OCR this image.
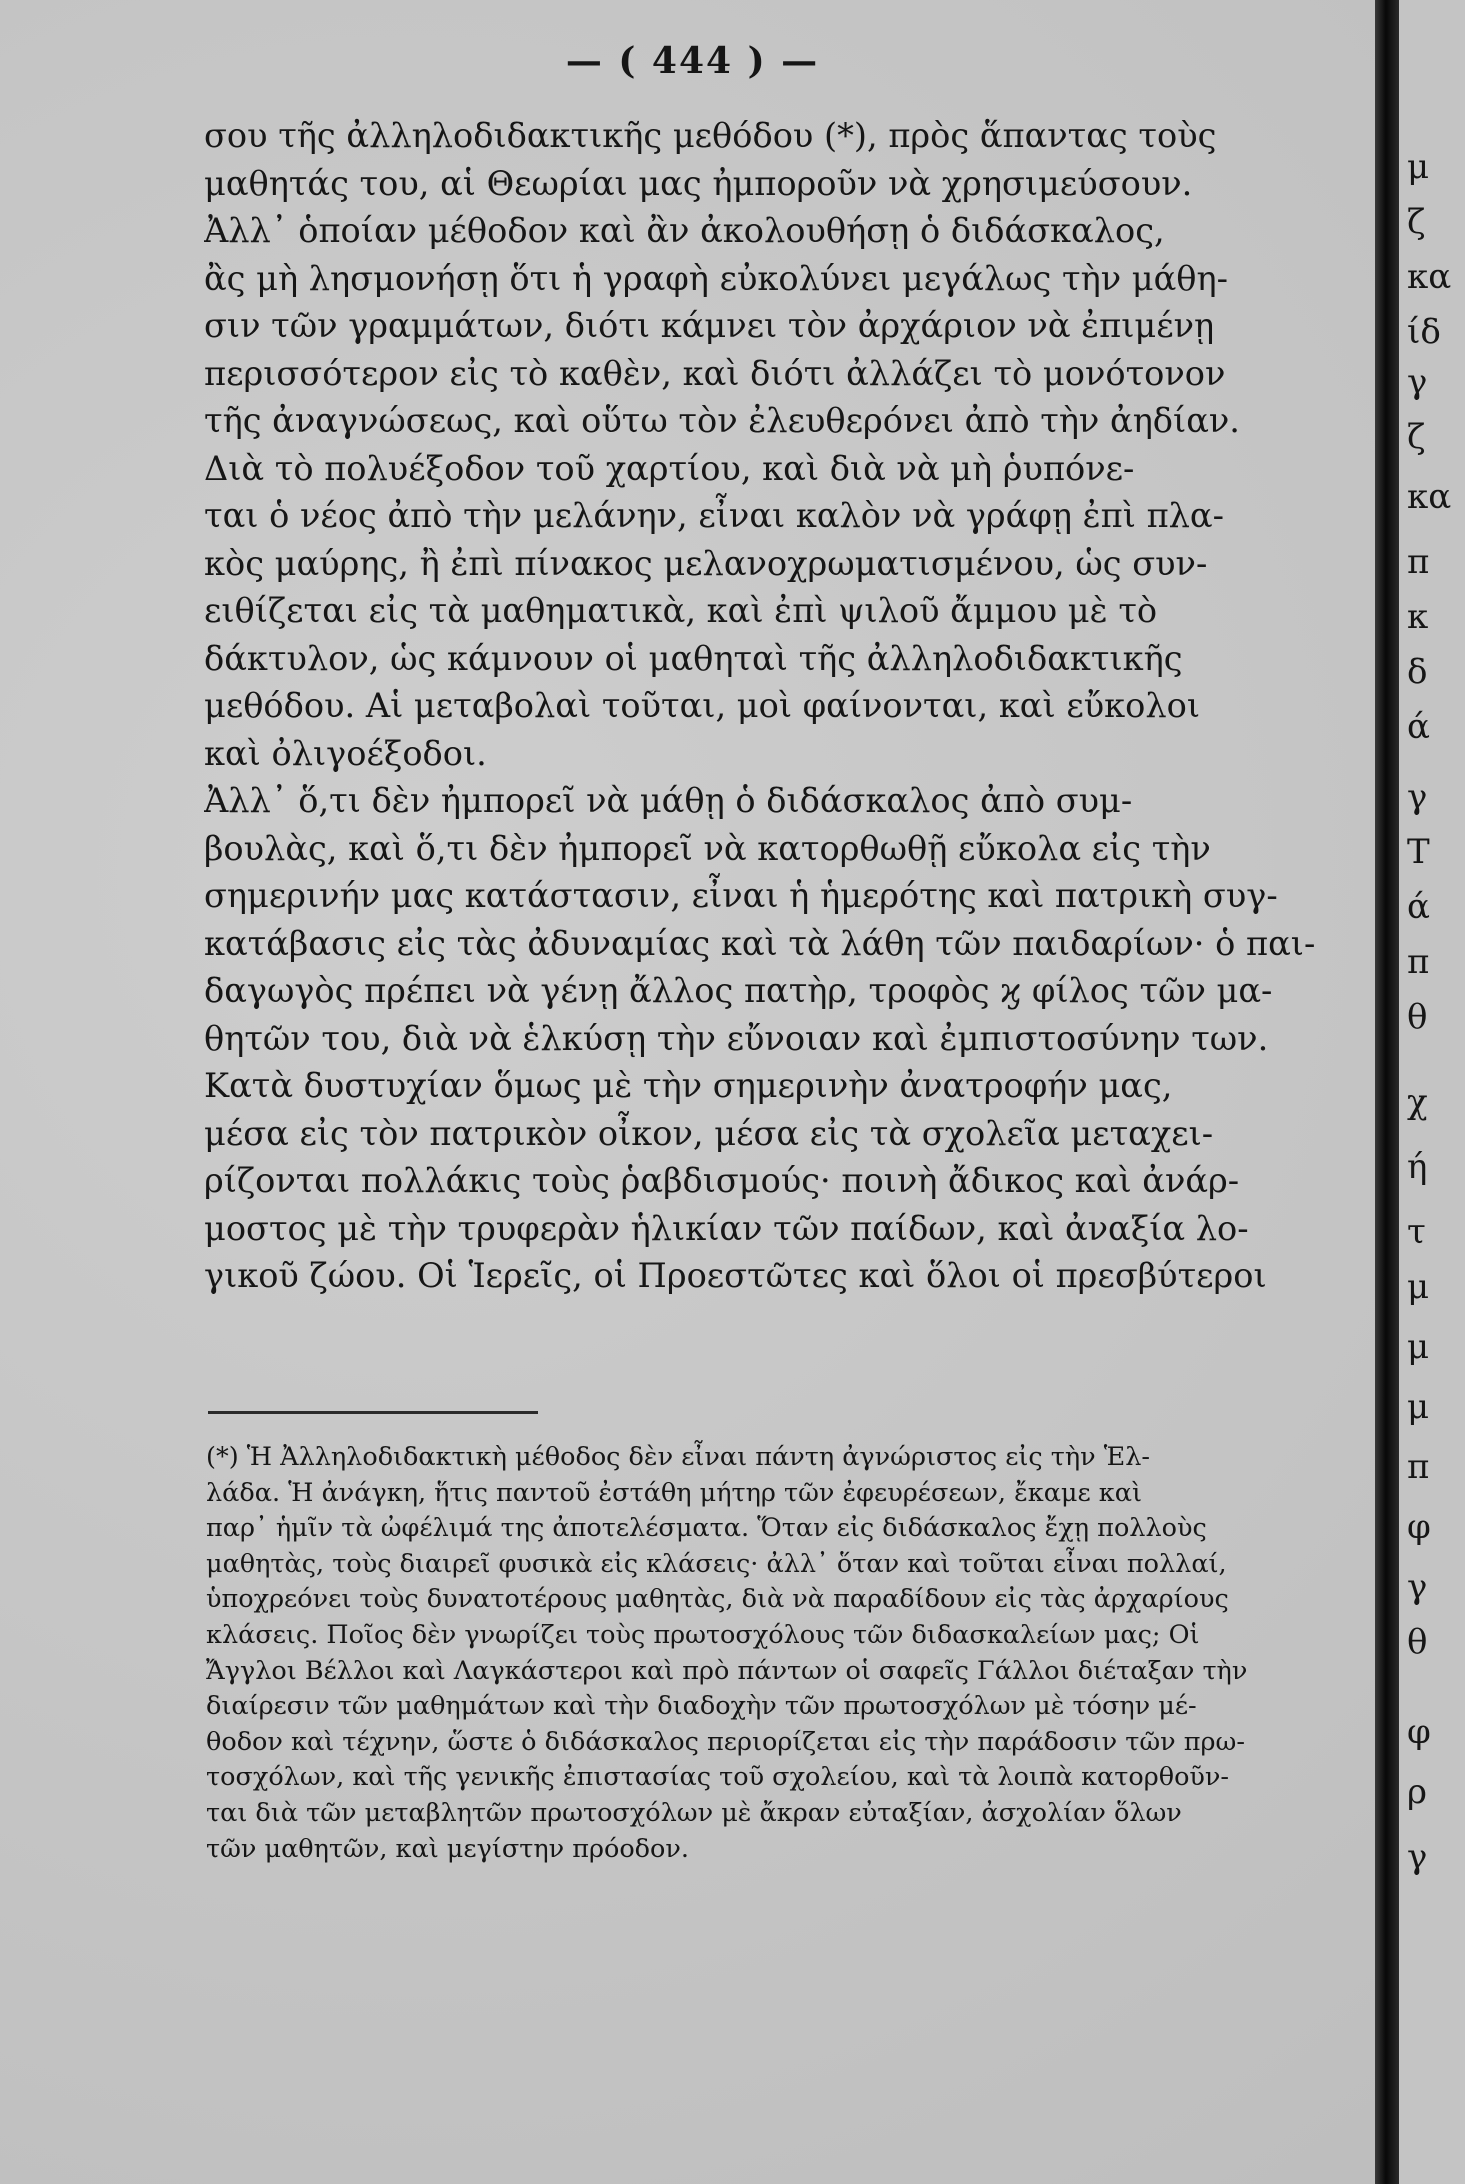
— ( 444 ) —
σου τῆς ἀλληλοδιδακτικῆς μεθόδου (*), πρὸς ἅπαντας τοὺς
μαθητάς του, αἱ Θεωρίαι μας ἠμποροῦν νὰ χρησιμεύσουν.
Ἀλλ᾽ ὁποίαν μέθοδον καὶ ἂν ἀκολουθήσῃ ὁ διδάσκαλος,
ἂς μὴ λησμονήσῃ ὅτι ἡ γραφὴ εὐκολύνει μεγάλως τὴν μάθη-
σιν τῶν γραμμάτων, διότι κάμνει τὸν ἀρχάριον νὰ ἐπιμένῃ
περισσότερον εἰς τὸ καθὲν, καὶ διότι ἀλλάζει τὸ μονότονον
τῆς ἀναγνώσεως, καὶ οὕτω τὸν ἐλευθερόνει ἀπὸ τὴν ἀηδίαν.
Διὰ τὸ πολυέξοδον τοῦ χαρτίου, καὶ διὰ νὰ μὴ ῥυπόνε-
ται ὁ νέος ἀπὸ τὴν μελάνην, εἶναι καλὸν νὰ γράφῃ ἐπὶ πλα-
κὸς μαύρης, ἢ ἐπὶ πίνακος μελανοχρωματισμένου, ὡς συν-
ειθίζεται εἰς τὰ μαθηματικὰ, καὶ ἐπὶ ψιλοῦ ἄμμου μὲ τὸ
δάκτυλον, ὡς κάμνουν οἱ μαθηταὶ τῆς ἀλληλοδιδακτικῆς
μεθόδου. Αἱ μεταβολαὶ τοῦται, μοὶ φαίνονται, καὶ εὔκολοι
καὶ ὀλιγοέξοδοι.
Ἀλλ᾽ ὅ,τι δὲν ἠμπορεῖ νὰ μάθῃ ὁ διδάσκαλος ἀπὸ συμ-
βουλὰς, καὶ ὅ,τι δὲν ἠμπορεῖ νὰ κατορθωθῇ εὔκολα εἰς τὴν
σημερινήν μας κατάστασιν, εἶναι ἡ ἡμερότης καὶ πατρικὴ συγ-
κατάβασις εἰς τὰς ἀδυναμίας καὶ τὰ λάθη τῶν παιδαρίων· ὁ παι-
δαγωγὸς πρέπει νὰ γένῃ ἄλλος πατὴρ, τροφὸς ϗ φίλος τῶν μα-
θητῶν του, διὰ νὰ ἑλκύσῃ τὴν εὔνοιαν καὶ ἐμπιστοσύνην των.
Κατὰ δυστυχίαν ὅμως μὲ τὴν σημερινὴν ἀνατροφήν μας,
μέσα εἰς τὸν πατρικὸν οἶκον, μέσα εἰς τὰ σχολεῖα μεταχει-
ρίζονται πολλάκις τοὺς ῥαβδισμούς· ποινὴ ἄδικος καὶ ἀνάρ-
μοστος μὲ τὴν τρυφερὰν ἡλικίαν τῶν παίδων, καὶ ἀναξία λο-
γικοῦ ζώου. Οἱ Ἱερεῖς, οἱ Προεστῶτες καὶ ὅλοι οἱ πρεσβύτεροι
(*) Ἡ Ἀλληλοδιδακτικὴ μέθοδος δὲν εἶναι πάντη ἀγνώριστος εἰς τὴν Ἑλ-
λάδα. Ἡ ἀνάγκη, ἥτις παντοῦ ἐστάθη μήτηρ τῶν ἐφευρέσεων, ἔκαμε καὶ
παρ᾽ ἡμῖν τὰ ὠφέλιμά της ἀποτελέσματα. Ὅταν εἰς διδάσκαλος ἔχῃ πολλοὺς
μαθητὰς, τοὺς διαιρεῖ φυσικὰ εἰς κλάσεις· ἀλλ᾽ ὅταν καὶ τοῦται εἶναι πολλαί,
ὑποχρεόνει τοὺς δυνατοτέρους μαθητὰς, διὰ νὰ παραδίδουν εἰς τὰς ἀρχαρίους
κλάσεις. Ποῖος δὲν γνωρίζει τοὺς πρωτοσχόλους τῶν διδασκαλείων μας; Οἱ
Ἄγγλοι Βέλλοι καὶ Λαγκάστεροι καὶ πρὸ πάντων οἱ σαφεῖς Γάλλοι διέταξαν τὴν
διαίρεσιν τῶν μαθημάτων καὶ τὴν διαδοχὴν τῶν πρωτοσχόλων μὲ τόσην μέ-
θοδον καὶ τέχνην, ὥστε ὁ διδάσκαλος περιορίζεται εἰς τὴν παράδοσιν τῶν πρω-
τοσχόλων, καὶ τῆς γενικῆς ἐπιστασίας τοῦ σχολείου, καὶ τὰ λοιπὰ κατορθοῦν-
ται διὰ τῶν μεταβλητῶν πρωτοσχόλων μὲ ἄκραν εὐταξίαν, ἀσχολίαν ὅλων
τῶν μαθητῶν, καὶ μεγίστην πρόοδον.
μ
ζ
κα
ίδ
γ
ζ
κα
π
κ
δ
ά
γ
Τ
ά
π
θ
χ
ή
τ
μ
μ
μ
π
φ
γ
θ
φ
ρ
γ
